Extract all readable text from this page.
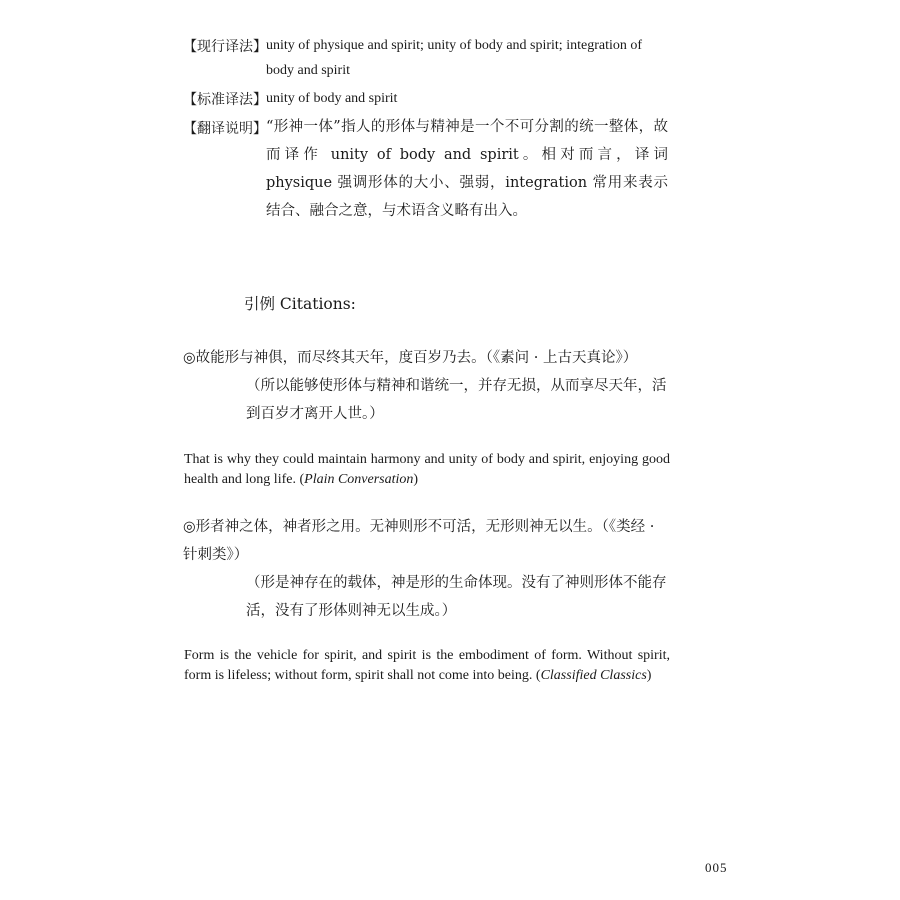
【现行译法】 unity of physique and spirit; unity of body and spirit; integration of body and spirit
【标准译法】 unity of body and spirit
【翻译说明】 “形神一体”指人的形体与精神是一个不可分割的统一整体，故而译作 unity of body and spirit。相对而言，译词 physique 强调形体的大小、强弱，integration 常用来表示结合、融合之意，与术语含义略有出入。
引例 Citations:
◎故能形与神俱，而尽终其天年，度百岁乃去。（《素问 · 上古天真论》）
（所以能够使形体与精神和谐统一，并存无损，从而享尽天年，活到百岁才离开人世。）
That is why they could maintain harmony and unity of body and spirit, enjoying good health and long life. (Plain Conversation)
◎形者神之体，神者形之用。无神则形不可活，无形则神无以生。（《类经 · 针刺类》）
（形是神存在的载体，神是形的生命体现。没有了神则形体不能存活，没有了形体则神无以生成。）
Form is the vehicle for spirit, and spirit is the embodiment of form. Without spirit, form is lifeless; without form, spirit shall not come into being. (Classified Classics)
005
